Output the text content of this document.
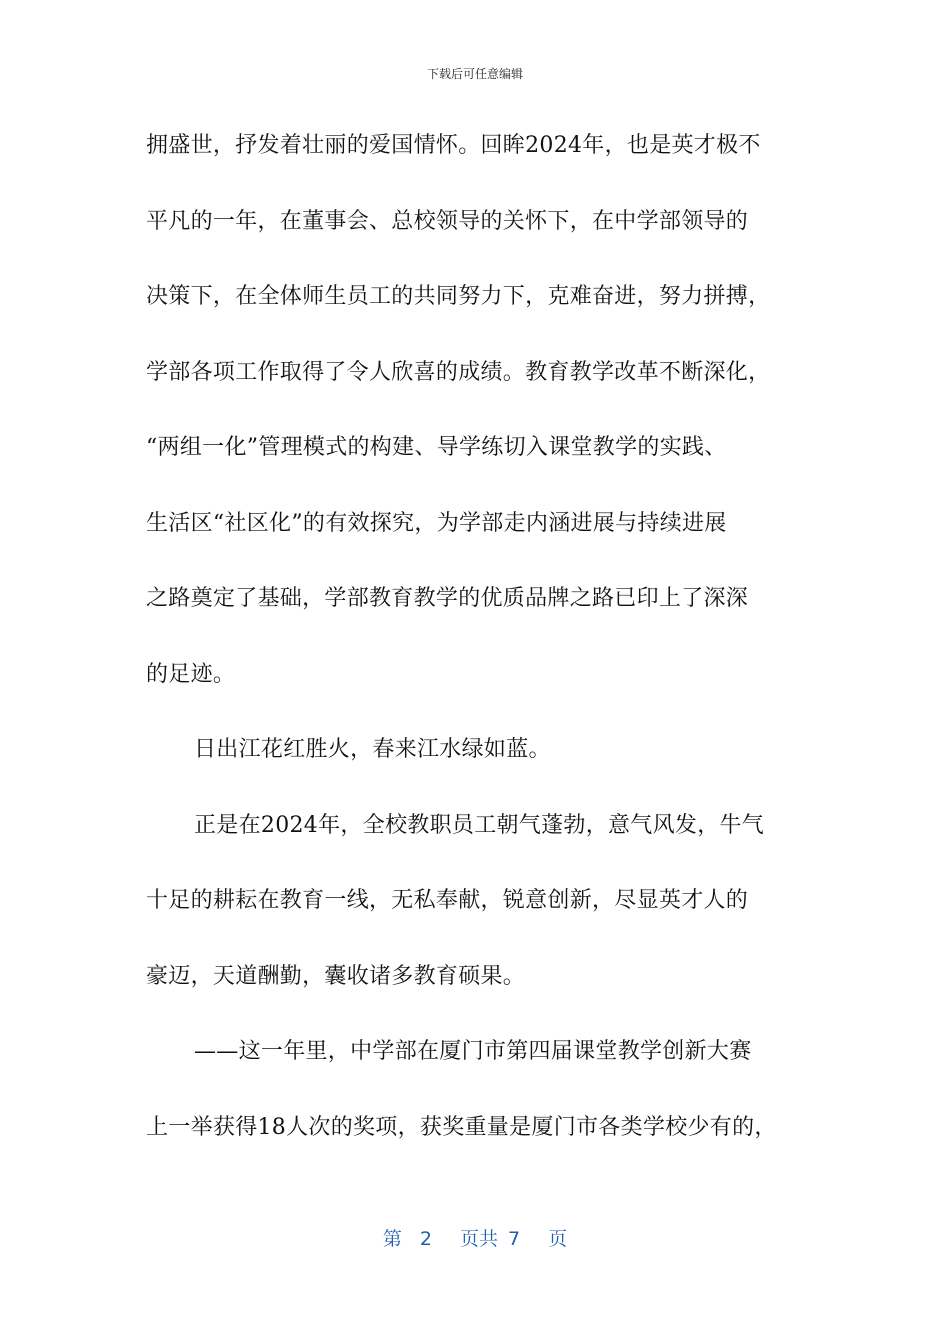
下载后可任意编辑
拥盛世，抒发着壮丽的爱国情怀。回眸2024年，也是英才极不
平凡的一年，在董事会、总校领导的关怀下，在中学部领导的
决策下，在全体师生员工的共同努力下，克难奋进，努力拼搏，
学部各项工作取得了令人欣喜的成绩。教育教学改革不断深化，
“两组一化”管理模式的构建、导学练切入课堂教学的实践、
生活区“社区化”的有效探究，为学部走内涵进展与持续进展
之路奠定了基础，学部教育教学的优质品牌之路已印上了深深
的足迹。
日出江花红胜火，春来江水绿如蓝。
正是在2024年，全校教职员工朝气蓬勃，意气风发，牛气
十足的耕耘在教育一线，无私奉献，锐意创新，尽显英才人的
豪迈，天道酬勤，囊收诸多教育硕果。
——这一年里，中学部在厦门市第四届课堂教学创新大赛
上一举获得18人次的奖项，获奖重量是厦门市各类学校少有的，
第 2 页共 7 页
